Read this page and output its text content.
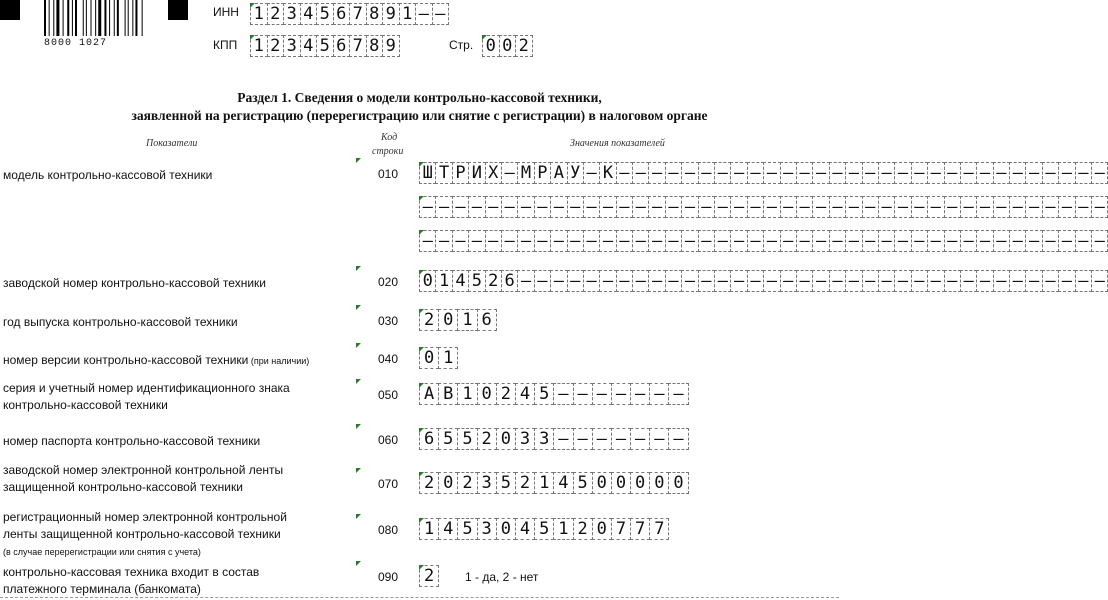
8000 1027
ИНН 1 2 3 4 5 6 7 8 9 1 – –
КПП 1 2 3 4 5 6 7 8 9	Стр. 0 0 2
Раздел 1. Сведения о модели контрольно-кассовой техники,
заявленной на регистрацию (перерегистрацию или снятие с регистрации) в налоговом органе
Показатели
Код
строки
Значения показателей
модель контрольно-кассовой техники	010 Ш Т Р И Х – М Р А У – К – – – – – – – – – – – – – – – – – – – – – – – – – – – – – –
– – – – – – – – – – – – – – – – – – – – – – – – – – – – – – – – – – – – – – – – – –
– – – – – – – – – – – – – – – – – – – – – – – – – – – – – – – – – – – – – – – – – –
заводской номер контрольно-кассовой техники	020 0 1 4 5 2 6 – – – – – – – – – – – – – – – – – – – – – – – – – – – – – – – – – – – –
год выпуска контрольно-кассовой техники	030 2 0 1 6
номер версии контрольно-кассовой техники (при наличии)	040 0 1
серия и учетный номер идентификационного знака
контрольно-кассовой техники
050 А В 1 0 2 4 5 – – – – – – –
номер паспорта контрольно-кассовой техники	060 6 5 5 2 0 3 3 – – – – – – –
заводской номер электронной контрольной ленты
защищенной контрольно-кассовой техники	070 2 0 2 3 5 2 1 4 5 0 0 0 0 0
регистрационный номер электронной контрольной
ленты защищенной контрольно-кассовой техники
(в случае перерегистрации или снятия с учета)
080 1 4 5 3 0 4 5 1 2 0 7 7 7
контрольно-кассовая техника входит в состав
платежного терминала (банкомата)
090 2	1 - да, 2 - нет
